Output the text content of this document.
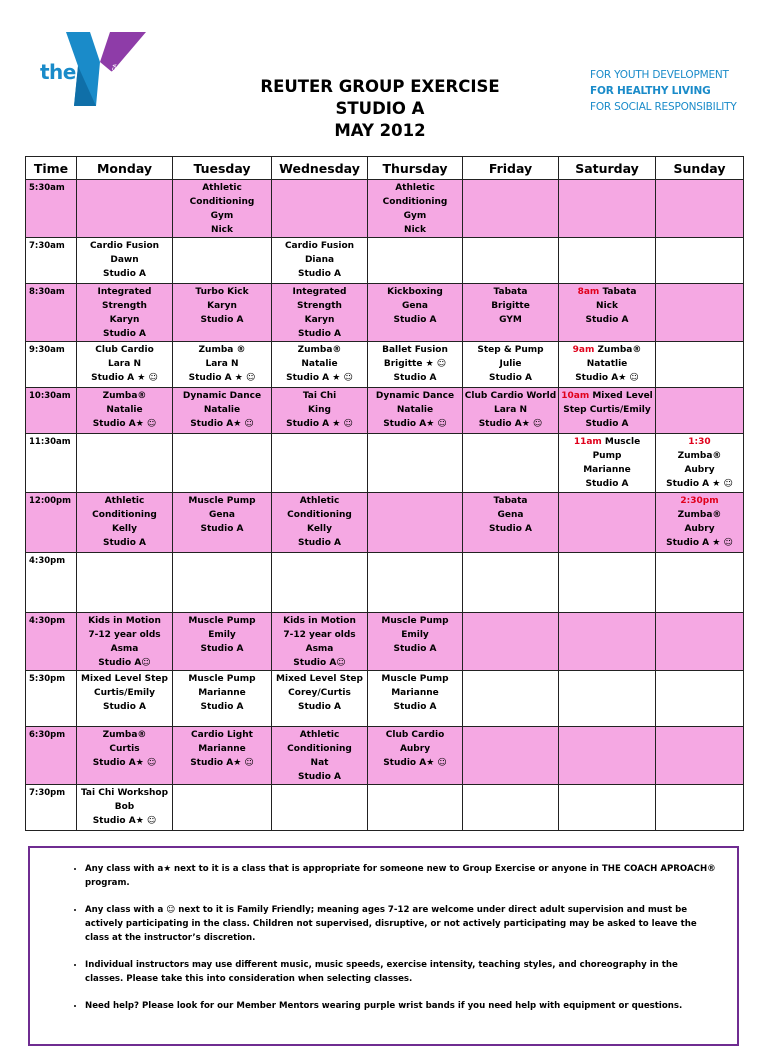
the	YMCA
REUTER GROUP EXERCISE
STUDIO A
MAY 2012
FOR YOUTH DEVELOPMENT
FOR HEALTHY LIVING
FOR SOCIAL RESPONSIBILITY
Time	Monday	Tuesday	Wednesday	Thursday	Friday	Saturday	Sunday
5:30am		Athletic
Conditioning
Gym
Nick		Athletic
Conditioning
Gym
Nick			

7:30am	Cardio Fusion
Dawn
Studio A		Cardio Fusion
Diana
Studio A				

8:30am	Integrated
Strength
Karyn
Studio A	Turbo Kick
Karyn
Studio A	Integrated
Strength
Karyn
Studio A	Kickboxing
Gena
Studio A	Tabata
Brigitte
GYM	8am Tabata
Nick
Studio A	

9:30am	Club Cardio
Lara N
Studio A ★ ☺	Zumba ®
Lara N
Studio A ★ ☺	Zumba®
Natalie
Studio A ★ ☺	Ballet Fusion
Brigitte ★ ☺
Studio A	Step & Pump
Julie
Studio A	9am Zumba®
Natatlie
Studio A★ ☺	

10:30am	Zumba®
Natalie
Studio A★ ☺	Dynamic Dance
Natalie
Studio A★ ☺	Tai Chi
King
Studio A ★ ☺	Dynamic Dance
Natalie
Studio A★ ☺	Club Cardio World
Lara N
Studio A★ ☺	10am Mixed Level
Step Curtis/Emily
Studio A	

11:30am						11am Muscle Pump
Marianne
Studio A	1:30
Zumba®
Aubry
Studio A ★ ☺

12:00pm	Athletic
Conditioning
Kelly
Studio A	Muscle Pump
Gena
Studio A	Athletic
Conditioning
Kelly
Studio A		Tabata
Gena
Studio A		2:30pm
Zumba®
Aubry
Studio A ★ ☺

4:30pm	

4:30pm	Kids in Motion
7-12 year olds
Asma
Studio A☺	Muscle Pump
Emily
Studio A	Kids in Motion
7-12 year olds
Asma
Studio A☺	Muscle Pump
Emily
Studio A			

5:30pm	Mixed Level Step
Curtis/Emily
Studio A	Muscle Pump
Marianne
Studio A	Mixed Level Step
Corey/Curtis
Studio A	Muscle Pump
Marianne
Studio A			

6:30pm	Zumba®
Curtis
Studio A★ ☺	Cardio Light
Marianne
Studio A★ ☺	Athletic
Conditioning
Nat
Studio A	Club Cardio
Aubry
Studio A★ ☺			

7:30pm	Tai Chi Workshop
Bob
Studio A★ ☺						

• Any class with a★ next to it is a class that is appropriate for someone new to Group Exercise or anyone in THE COACH APROACH® program.
• Any class with a ☺ next to it is Family Friendly; meaning ages 7-12 are welcome under direct adult supervision and must be actively participating in the class. Children not supervised, disruptive, or not actively participating may be asked to leave the class at the instructor’s discretion.
• Individual instructors may use different music, music speeds, exercise intensity, teaching styles, and choreography in the classes. Please take this into consideration when selecting classes.
• Need help? Please look for our Member Mentors wearing purple wrist bands if you need help with equipment or questions.
